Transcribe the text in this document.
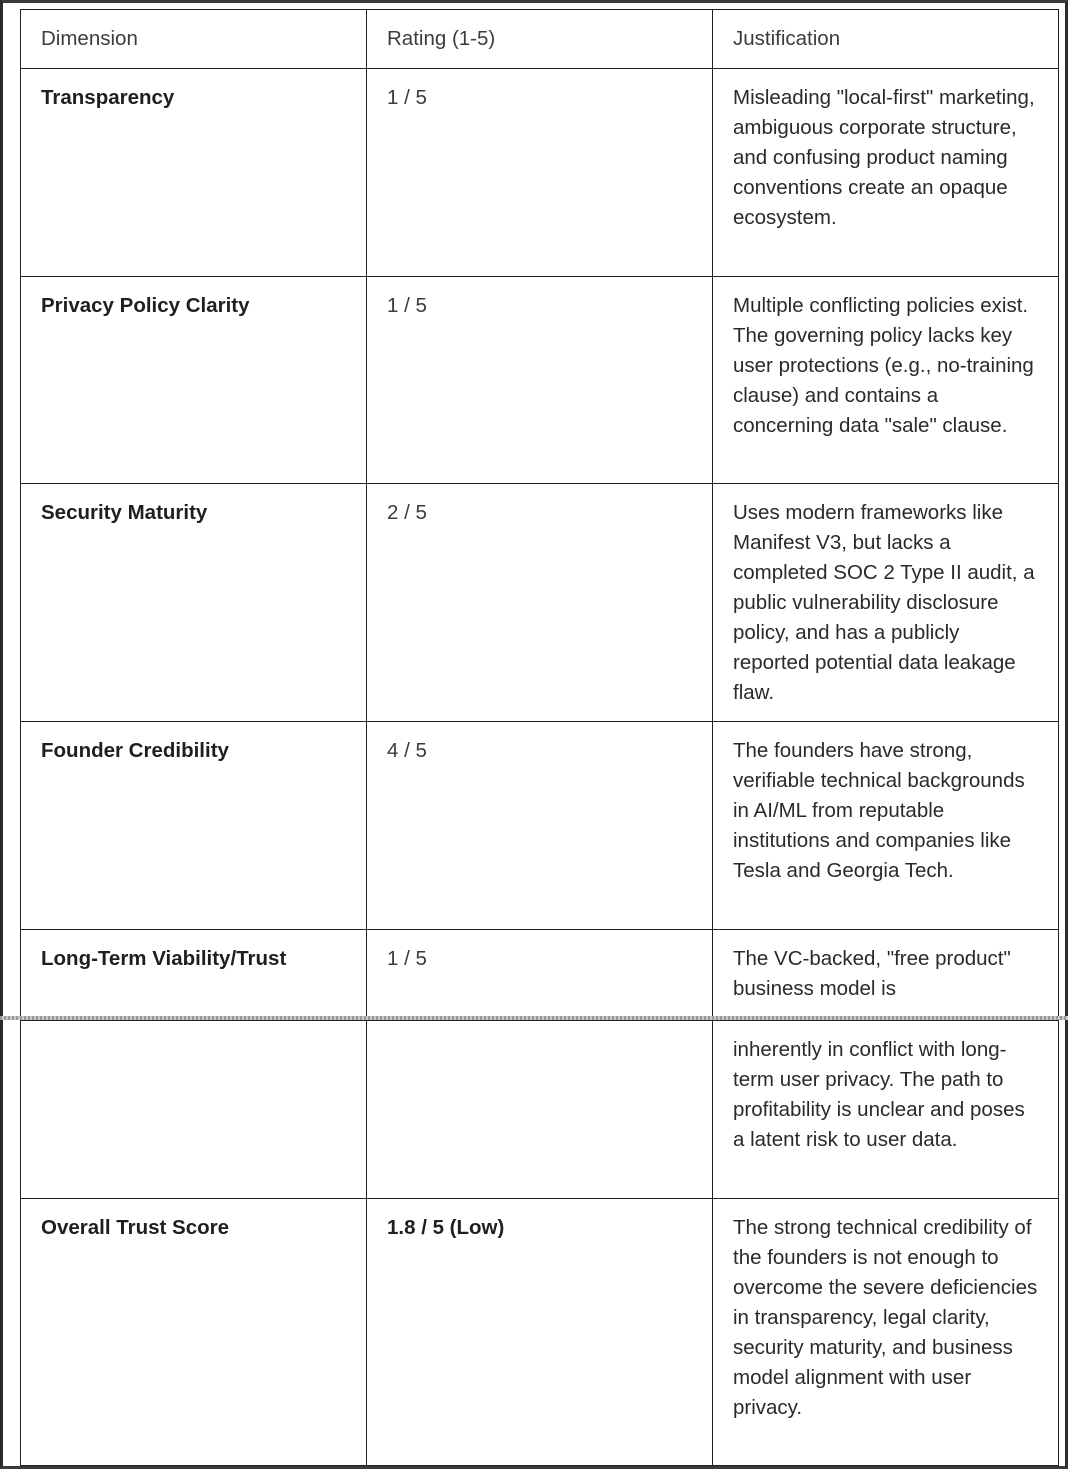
Dimension	Rating (1-5)	Justification
Transparency	1 / 5	Misleading "local-first" marketing, ambiguous corporate structure, and confusing product naming conventions create an opaque ecosystem.
Privacy Policy Clarity	1 / 5	Multiple conflicting policies exist. The governing policy lacks key user protections (e.g., no-training clause) and contains a concerning data "sale" clause.
Security Maturity	2 / 5	Uses modern frameworks like Manifest V3, but lacks a completed SOC 2 Type II audit, a public vulnerability disclosure policy, and has a publicly reported potential data leakage flaw.
Founder Credibility	4 / 5	The founders have strong, verifiable technical backgrounds in AI/ML from reputable institutions and companies like Tesla and Georgia Tech.
Long-Term Viability/Trust	1 / 5	The VC-backed, "free product" business model is
		inherently in conflict with long-term user privacy. The path to profitability is unclear and poses a latent risk to user data.
Overall Trust Score	1.8 / 5 (Low)	The strong technical credibility of the founders is not enough to overcome the severe deficiencies in transparency, legal clarity, security maturity, and business model alignment with user privacy.
